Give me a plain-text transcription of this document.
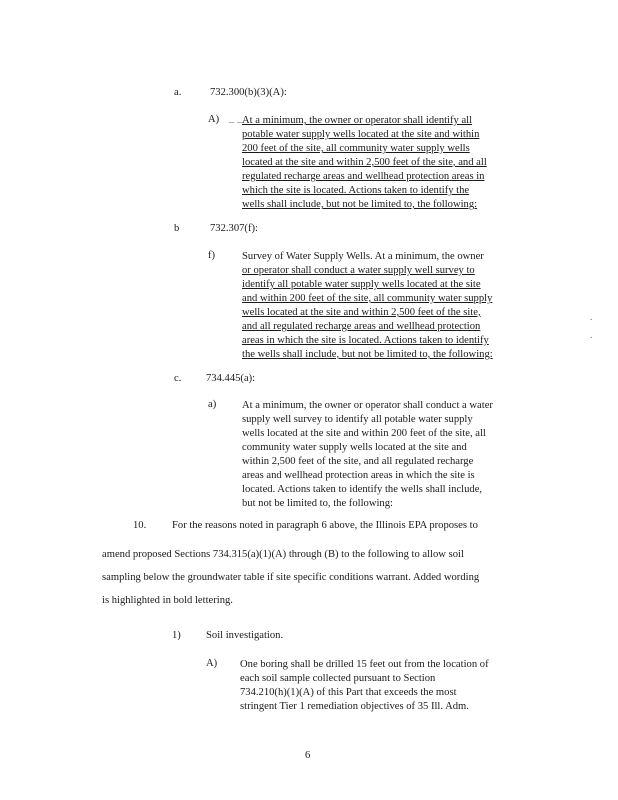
a.	732.300(b)(3)(A):
A) _ _ At a minimum, the owner or operator shall identify all
potable water supply wells located at the site and within
200 feet of the site, all community water supply wells
located at the site and within 2,500 feet of the site, and all
regulated recharge areas and wellhead protection areas in
which the site is located. Actions taken to identify the
wells shall include, but not be limited to, the following:
b	732.307(f):
f)	Survey of Water Supply Wells. At a minimum, the owner
or operator shall conduct a water supply well survey to
identify all potable water supply wells located at the site
and within 200 feet of the site, all community water supply
wells located at the site and within 2,500 feet of the site,
and all regulated recharge areas and wellhead protection
areas in which the site is located. Actions taken to identify
the wells shall include, but not be limited to, the following:
c. 734.445(a):
a) At a minimum, the owner or operator shall conduct a water
supply well survey to identify all potable water supply
wells located at the site and within 200 feet of the site, all
community water supply wells located at the site and
within 2,500 feet of the site, and all regulated recharge
areas and wellhead protection areas in which the site is
located. Actions taken to identify the wells shall include,
but not be limited to, the following:
10. For the reasons noted in paragraph 6 above, the Illinois EPA proposes to
amend proposed Sections 734.315(a)(1)(A) through (B) to the following to allow soil
sampling below the groundwater table if site specific conditions warrant. Added wording
is highlighted in bold lettering.
1) Soil investigation.
A) One boring shall be drilled 15 feet out from the location of
each soil sample collected pursuant to Section
734.210(h)(1)(A) of this Part that exceeds the most
stringent Tier 1 remediation objectives of 35 Ill. Adm.
6
.
.
